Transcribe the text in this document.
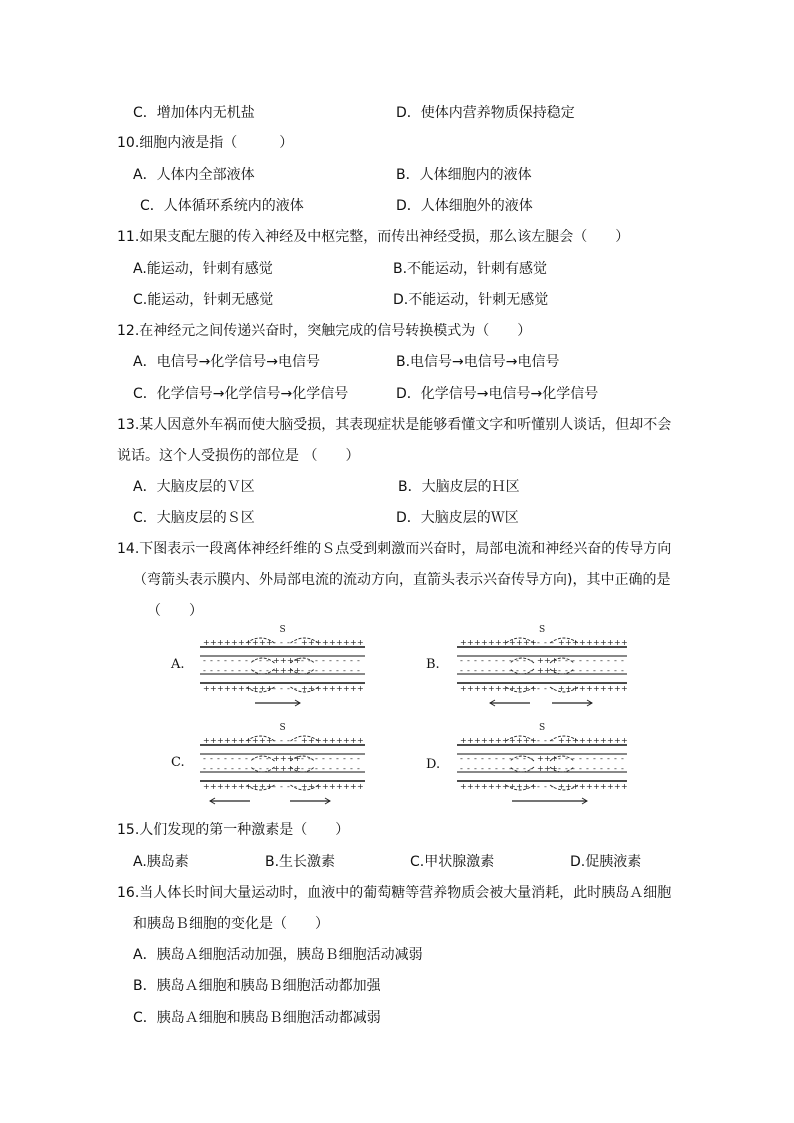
C．增加体内无机盐	D．使体内营养物质保持稳定
10.细胞内液是指（　　　）
A．人体内全部液体	B．人体细胞内的液体
C．人体循环系统内的液体	D．人体细胞外的液体
11.如果支配左腿的传入神经及中枢完整，而传出神经受损，那么该左腿会（　　）
A.能运动，针刺有感觉	B.不能运动，针刺有感觉
C.能运动，针刺无感觉	D.不能运动，针刺无感觉
12.在神经元之间传递兴奋时，突触完成的信号转换模式为（　　）
A．电信号→化学信号→电信号	B.电信号→电信号→电信号
C．化学信号→化学信号→化学信号	D．化学信号→电信号→化学信号
13.某人因意外车祸而使大脑受损，其表现症状是能够看懂文字和听懂别人谈话，但却不会
说话。这个人受损伤的部位是 （　　）
A．大脑皮层的Ｖ区	B．大脑皮层的Ｈ区
C．大脑皮层的Ｓ区	D．大脑皮层的Ｗ区
14.下图表示一段离体神经纤维的Ｓ点受到刺激而兴奋时，局部电流和神经兴奋的传导方向
（弯箭头表示膜内、外局部电流的流动方向，直箭头表示兴奋传导方向)，其中正确的是
（　　）
A.	B.
C.	D.
S
+
-
-
+
+
-
-
+
+
-
-
+
+
-
-
+
+
-
-
+
+
-
-
+
+
-
-
+
+
-
-
+
+
-
-
+
+
-
-
+
-
+
+
-
-
+
+
-
-
+
+
-
-
+
+
-
+
-
-
+
+
-
-
+
+
-
-
+
+
-
-
+
+
-
-
+
+
-
-
+
+
-
-
+
+
-
-
+
+
-
-
+
S
+
-
-
+
+
-
-
+
+
-
-
+
+
-
-
+
+
-
-
+
+
-
-
+
+
-
-
+
+
-
-
+
+
-
-
+
+
-
-
+
+
-
-
+
-
+
+
-
-
+
+
-
-
+
+
-
+
-
-
+
+
-
-
+
+
-
-
+
+
-
-
+
+
-
-
+
+
-
-
+
+
-
-
+
+
-
-
+
+
-
-
+
+
-
-
+
S
+
-
-
+
+
-
-
+
+
-
-
+
+
-
-
+
+
-
-
+
+
-
-
+
+
-
-
+
+
-
-
+
+
-
-
+
+
-
-
+
-
+
+
-
-
+
+
-
-
+
+
-
-
+
+
-
+
-
-
+
+
-
-
+
+
-
-
+
+
-
-
+
+
-
-
+
+
-
-
+
+
-
-
+
+
-
-
+
+
-
-
+
S
+
-
-
+
+
-
-
+
+
-
-
+
+
-
-
+
+
-
-
+
+
-
-
+
+
-
-
+
+
-
-
+
+
-
-
+
+
-
-
+
+
-
-
+
-
+
+
-
-
+
+
-
-
+
+
-
+
-
-
+
+
-
-
+
+
-
-
+
+
-
-
+
+
-
-
+
+
-
-
+
+
-
-
+
+
-
-
+
+
-
-
+
+
-
-
+
15.人们发现的第一种激素是（　　）
A.胰岛素	B.生长激素	C.甲状腺激素	D.促胰液素
16.当人体长时间大量运动时，血液中的葡萄糖等营养物质会被大量消耗，此时胰岛Ａ细胞
和胰岛Ｂ细胞的变化是（　　）
A．胰岛Ａ细胞活动加强，胰岛Ｂ细胞活动减弱
B．胰岛Ａ细胞和胰岛Ｂ细胞活动都加强
C．胰岛Ａ细胞和胰岛Ｂ细胞活动都减弱
